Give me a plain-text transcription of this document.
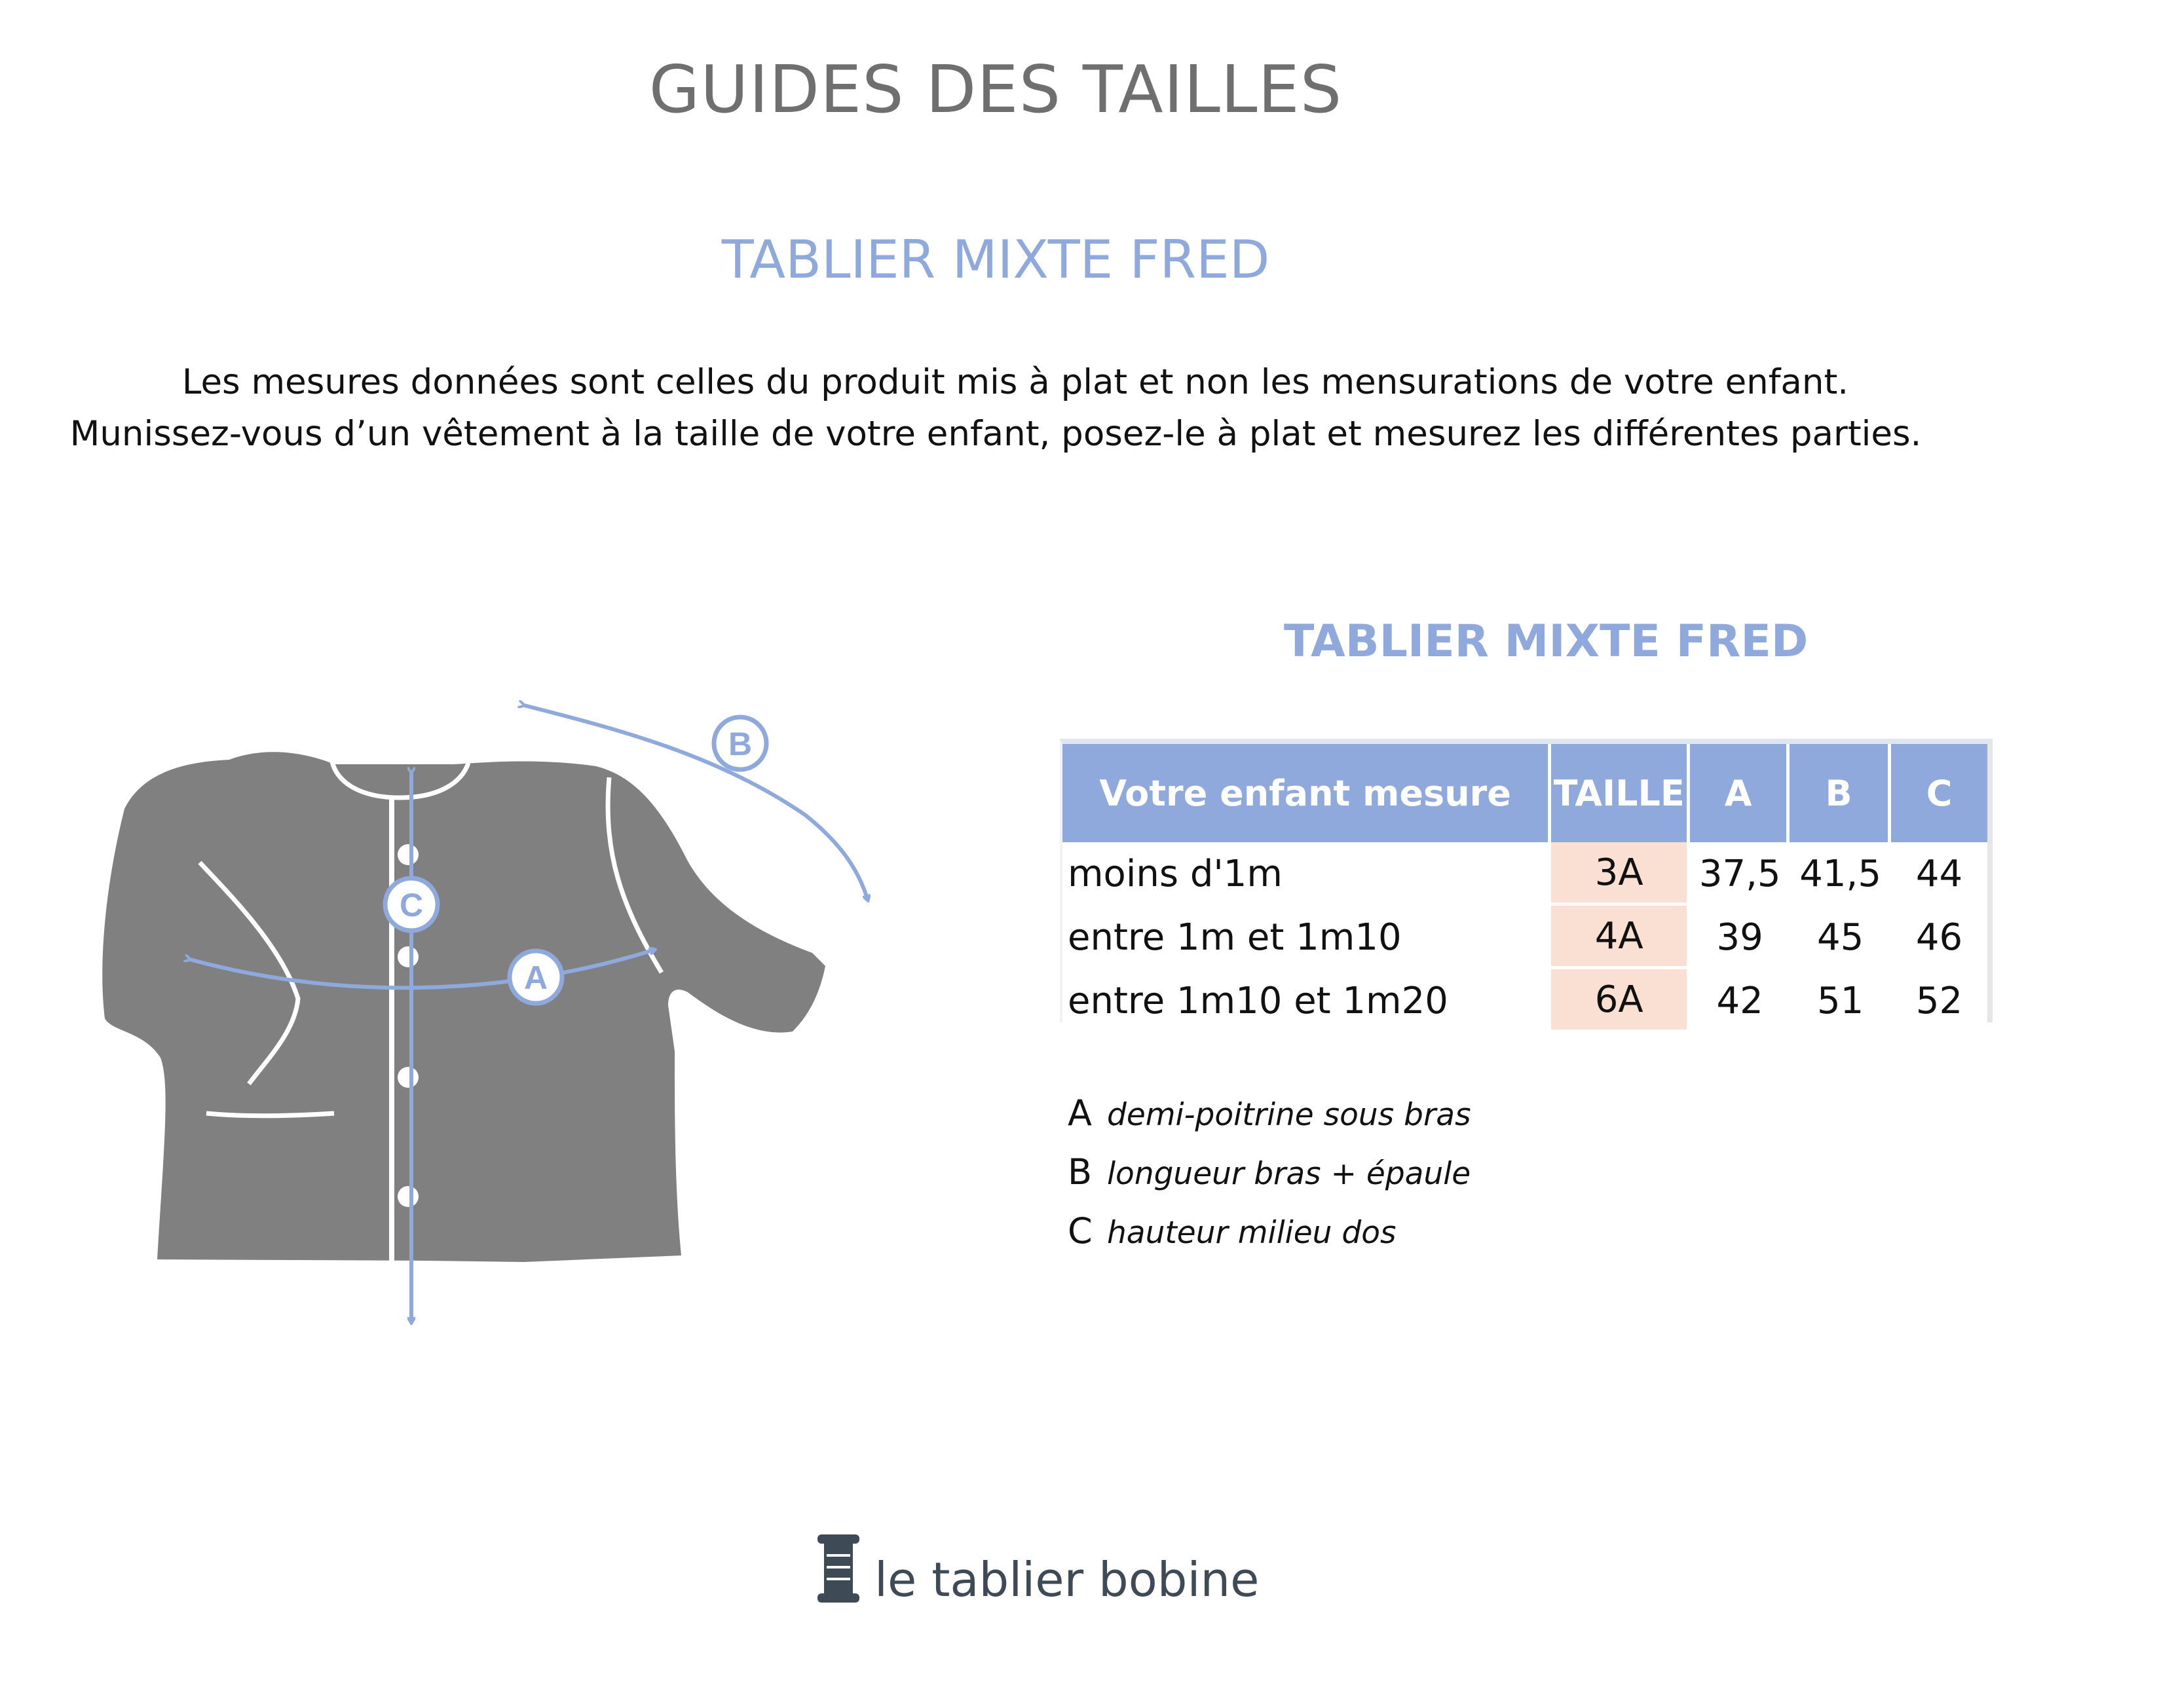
GUIDES DES TAILLES
TABLIER MIXTE FRED
Les mesures données sont celles du produit mis à plat et non les mensurations de votre enfant.
Munissez-vous d’un vêtement à la taille de votre enfant, posez-le à plat et mesurez les différentes parties.
A
B
C
TABLIER MIXTE FRED
Votre enfant mesure	TAILLE	A	B	C
moins d'1m	3A	37,5	41,5	44
entre 1m et 1m10	4A	39	45	46
entre 1m10 et 1m20	6A	42	51	52
A demi-poitrine sous bras
B longueur bras + épaule
C hauteur milieu dos
le tablier bobine
